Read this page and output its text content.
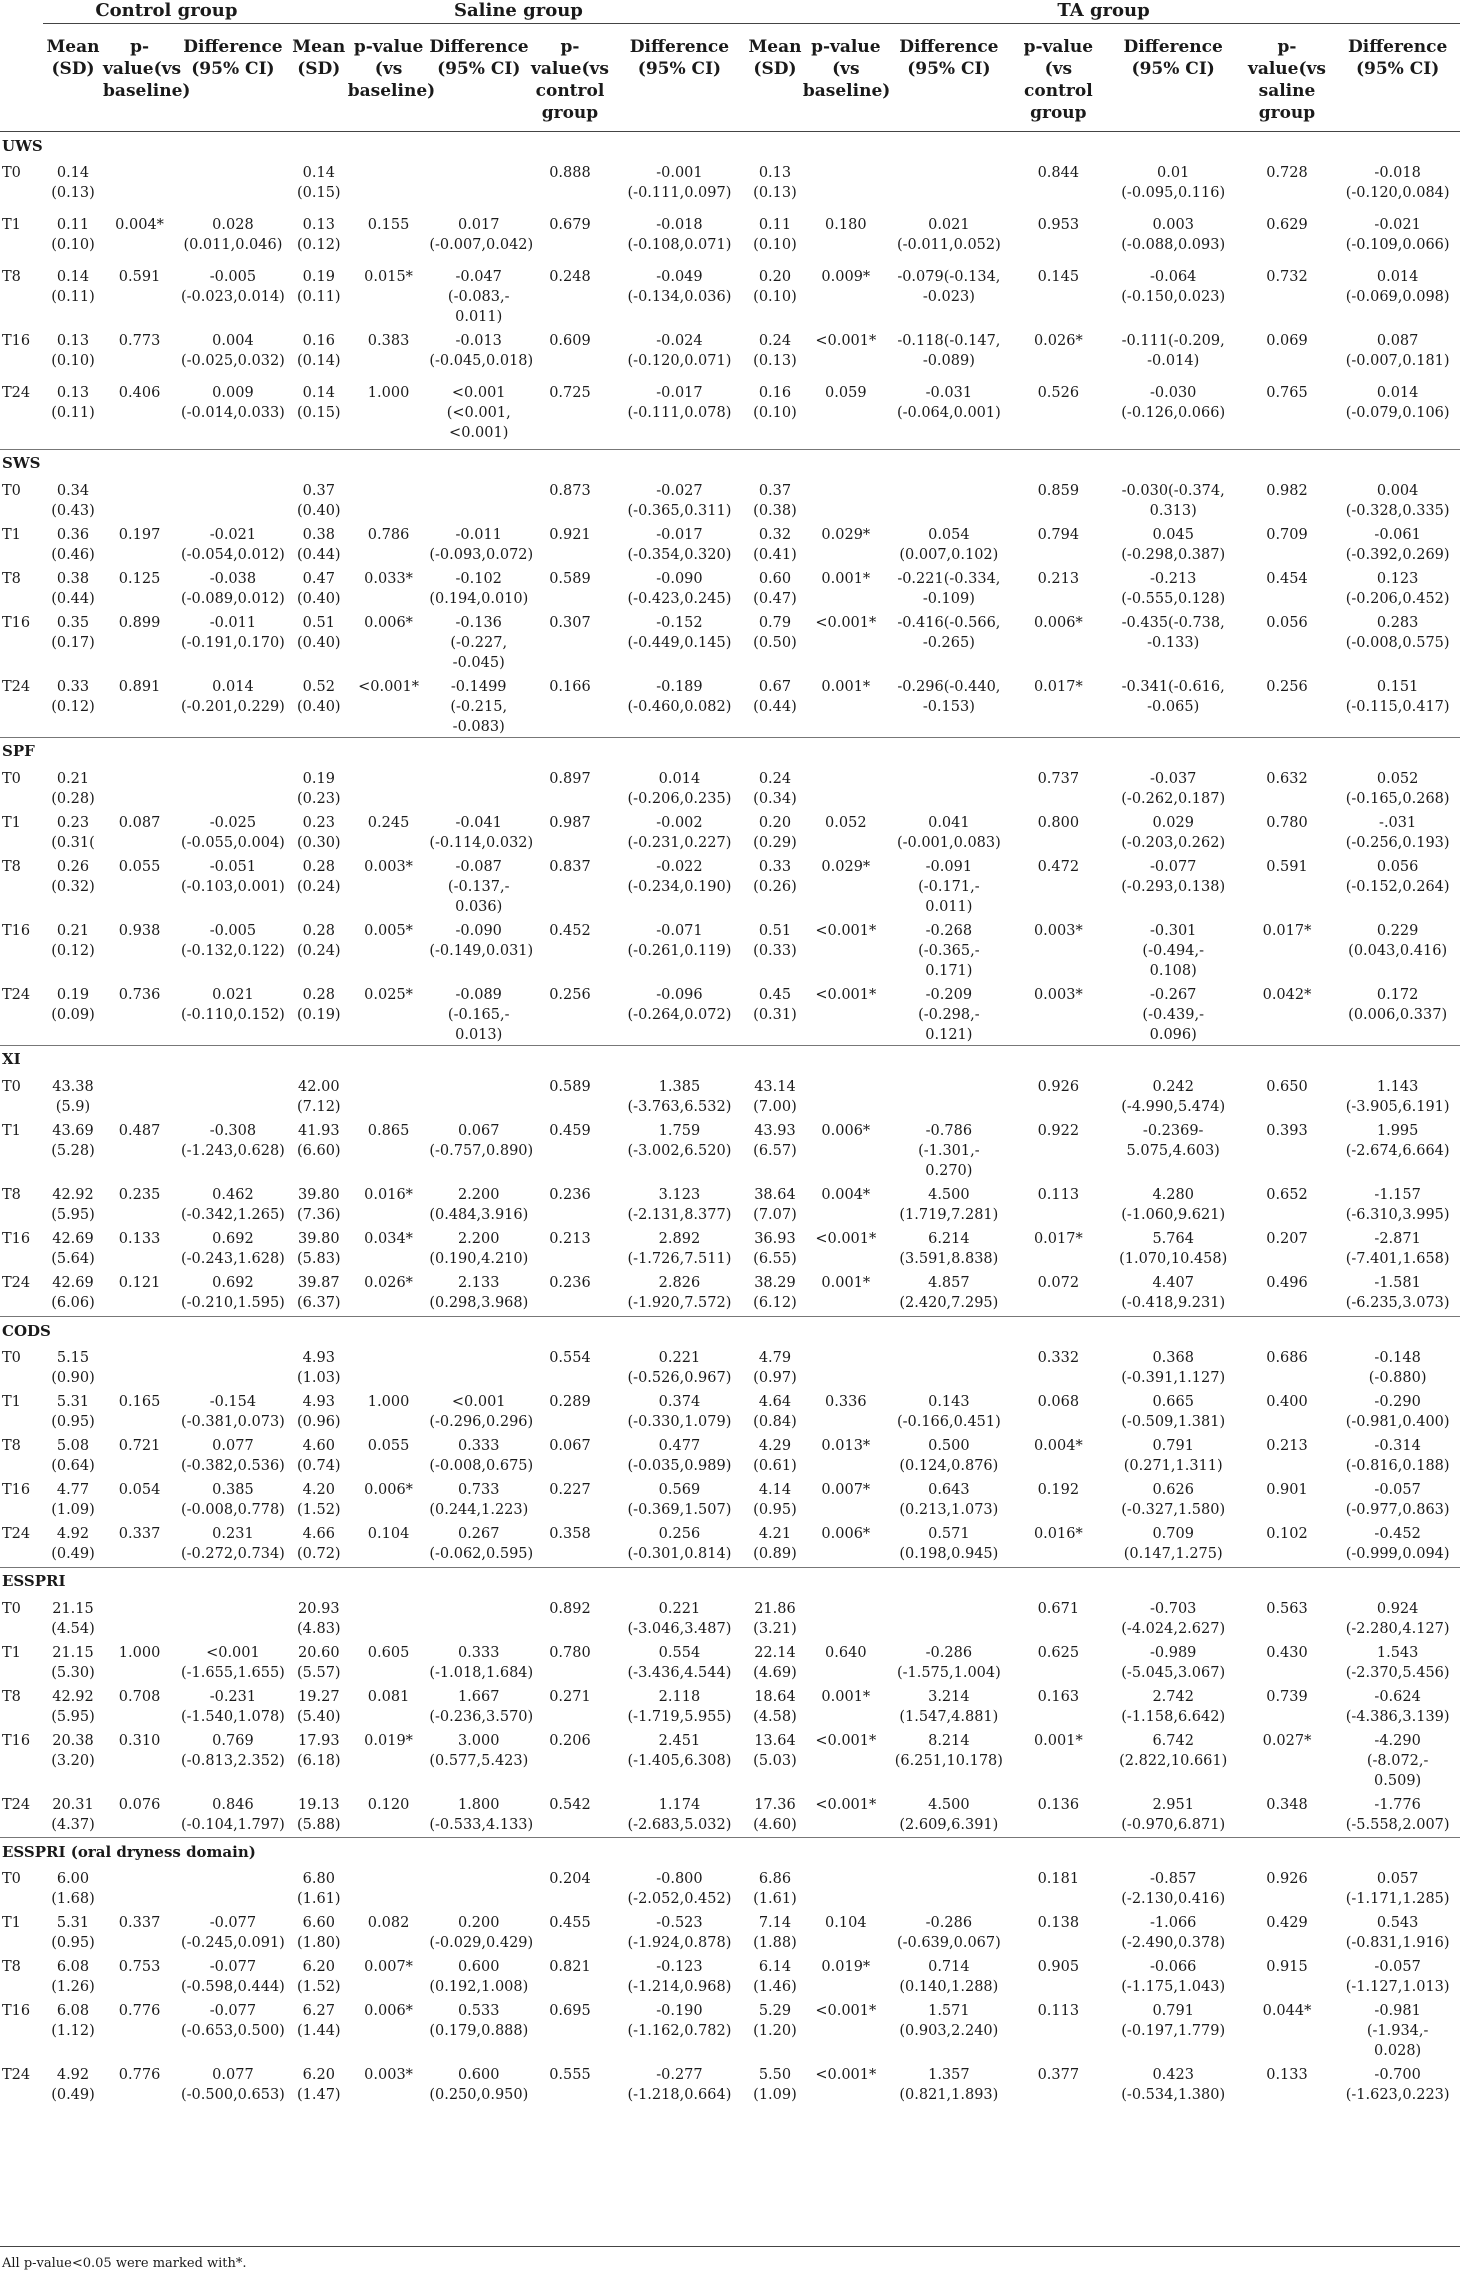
	Control group			Saline group					TA group						
	Mean (SD)	p-value(vs baseline)	Difference (95% CI)	Mean (SD)	p-value (vs baseline)	Difference (95% CI)	p-value(vs control group	Difference (95% CI)	Mean (SD)	p-value (vs baseline)	Difference (95% CI)	p-value (vs control group	Difference (95% CI)	p-value(vs saline group	Difference (95% CI)
UWS															
T0	0.14
(0.13)			0.14
(0.15)			0.888	-0.001
(-0.111,0.097)	0.13
(0.13)			0.844	0.01
(-0.095,0.116)	0.728	-0.018
(-0.120,0.084)
T1	0.11
(0.10)	0.004*	0.028
(0.011,0.046)	0.13
(0.12)	0.155	0.017
(-0.007,0.042)	0.679	-0.018
(-0.108,0.071)	0.11
(0.10)	0.180	0.021
(-0.011,0.052)	0.953	0.003
(-0.088,0.093)	0.629	-0.021
(-0.109,0.066)
T8	0.14
(0.11)	0.591	-0.005
(-0.023,0.014)	0.19
(0.11)	0.015*	-0.047
(-0.083,-
0.011)	0.248	-0.049
(-0.134,0.036)	0.20
(0.10)	0.009*	-0.079(-0.134,
-0.023)	0.145	-0.064
(-0.150,0.023)	0.732	0.014
(-0.069,0.098)
T16	0.13
(0.10)	0.773	0.004
(-0.025,0.032)	0.16
(0.14)	0.383	-0.013
(-0.045,0.018)	0.609	-0.024
(-0.120,0.071)	0.24
(0.13)	<0.001*	-0.118(-0.147,
-0.089)	0.026*	-0.111(-0.209,
-0.014)	0.069	0.087
(-0.007,0.181)
T24	0.13
(0.11)	0.406	0.009
(-0.014,0.033)	0.14
(0.15)	1.000	<0.001
(<0.001,
<0.001)	0.725	-0.017
(-0.111,0.078)	0.16
(0.10)	0.059	-0.031
(-0.064,0.001)	0.526	-0.030
(-0.126,0.066)	0.765	0.014
(-0.079,0.106)
SWS															
T0	0.34
(0.43)			0.37
(0.40)			0.873	-0.027
(-0.365,0.311)	0.37
(0.38)			0.859	-0.030(-0.374,
0.313)	0.982	0.004
(-0.328,0.335)
T1	0.36
(0.46)	0.197	-0.021
(-0.054,0.012)	0.38
(0.44)	0.786	-0.011
(-0.093,0.072)	0.921	-0.017
(-0.354,0.320)	0.32
(0.41)	0.029*	0.054
(0.007,0.102)	0.794	0.045
(-0.298,0.387)	0.709	-0.061
(-0.392,0.269)
T8	0.38
(0.44)	0.125	-0.038
(-0.089,0.012)	0.47
(0.40)	0.033*	-0.102
(0.194,0.010)	0.589	-0.090
(-0.423,0.245)	0.60
(0.47)	0.001*	-0.221(-0.334,
-0.109)	0.213	-0.213
(-0.555,0.128)	0.454	0.123
(-0.206,0.452)
T16	0.35
(0.17)	0.899	-0.011
(-0.191,0.170)	0.51
(0.40)	0.006*	-0.136
(-0.227,
-0.045)	0.307	-0.152
(-0.449,0.145)	0.79
(0.50)	<0.001*	-0.416(-0.566,
-0.265)	0.006*	-0.435(-0.738,
-0.133)	0.056	0.283
(-0.008,0.575)
T24	0.33
(0.12)	0.891	0.014
(-0.201,0.229)	0.52
(0.40)	<0.001*	-0.1499
(-0.215,
-0.083)	0.166	-0.189
(-0.460,0.082)	0.67
(0.44)	0.001*	-0.296(-0.440,
-0.153)	0.017*	-0.341(-0.616,
-0.065)	0.256	0.151
(-0.115,0.417)
SPF															
T0	0.21
(0.28)			0.19
(0.23)			0.897	0.014
(-0.206,0.235)	0.24
(0.34)			0.737	-0.037
(-0.262,0.187)	0.632	0.052
(-0.165,0.268)
T1	0.23
(0.31(	0.087	-0.025
(-0.055,0.004)	0.23
(0.30)	0.245	-0.041
(-0.114,0.032)	0.987	-0.002
(-0.231,0.227)	0.20
(0.29)	0.052	0.041
(-0.001,0.083)	0.800	0.029
(-0.203,0.262)	0.780	-.031
(-0.256,0.193)
T8	0.26
(0.32)	0.055	-0.051
(-0.103,0.001)	0.28
(0.24)	0.003*	-0.087
(-0.137,-
0.036)	0.837	-0.022
(-0.234,0.190)	0.33
(0.26)	0.029*	-0.091
(-0.171,-
0.011)	0.472	-0.077
(-0.293,0.138)	0.591	0.056
(-0.152,0.264)
T16	0.21
(0.12)	0.938	-0.005
(-0.132,0.122)	0.28
(0.24)	0.005*	-0.090
(-0.149,0.031)	0.452	-0.071
(-0.261,0.119)	0.51
(0.33)	<0.001*	-0.268
(-0.365,-
0.171)	0.003*	-0.301
(-0.494,-
0.108)	0.017*	0.229
(0.043,0.416)
T24	0.19
(0.09)	0.736	0.021
(-0.110,0.152)	0.28
(0.19)	0.025*	-0.089
(-0.165,-
0.013)	0.256	-0.096
(-0.264,0.072)	0.45
(0.31)	<0.001*	-0.209
(-0.298,-
0.121)	0.003*	-0.267
(-0.439,-
0.096)	0.042*	0.172
(0.006,0.337)
XI															
T0	43.38
(5.9)			42.00
(7.12)			0.589	1.385
(-3.763,6.532)	43.14
(7.00)			0.926	0.242
(-4.990,5.474)	0.650	1.143
(-3.905,6.191)
T1	43.69
(5.28)	0.487	-0.308
(-1.243,0.628)	41.93
(6.60)	0.865	0.067
(-0.757,0.890)	0.459	1.759
(-3.002,6.520)	43.93
(6.57)	0.006*	-0.786
(-1.301,-
0.270)	0.922	-0.2369-
5.075,4.603)	0.393	1.995
(-2.674,6.664)
T8	42.92
(5.95)	0.235	0.462
(-0.342,1.265)	39.80
(7.36)	0.016*	2.200
(0.484,3.916)	0.236	3.123
(-2.131,8.377)	38.64
(7.07)	0.004*	4.500
(1.719,7.281)	0.113	4.280
(-1.060,9.621)	0.652	-1.157
(-6.310,3.995)
T16	42.69
(5.64)	0.133	0.692
(-0.243,1.628)	39.80
(5.83)	0.034*	2.200
(0.190,4.210)	0.213	2.892
(-1.726,7.511)	36.93
(6.55)	<0.001*	6.214
(3.591,8.838)	0.017*	5.764
(1.070,10.458)	0.207	-2.871
(-7.401,1.658)
T24	42.69
(6.06)	0.121	0.692
(-0.210,1.595)	39.87
(6.37)	0.026*	2.133
(0.298,3.968)	0.236	2.826
(-1.920,7.572)	38.29
(6.12)	0.001*	4.857
(2.420,7.295)	0.072	4.407
(-0.418,9.231)	0.496	-1.581
(-6.235,3.073)
CODS															
T0	5.15
(0.90)			4.93
(1.03)			0.554	0.221
(-0.526,0.967)	4.79
(0.97)			0.332	0.368
(-0.391,1.127)	0.686	-0.148
(-0.880)
T1	5.31
(0.95)	0.165	-0.154
(-0.381,0.073)	4.93
(0.96)	1.000	<0.001
(-0.296,0.296)	0.289	0.374
(-0.330,1.079)	4.64
(0.84)	0.336	0.143
(-0.166,0.451)	0.068	0.665
(-0.509,1.381)	0.400	-0.290
(-0.981,0.400)
T8	5.08
(0.64)	0.721	0.077
(-0.382,0.536)	4.60
(0.74)	0.055	0.333
(-0.008,0.675)	0.067	0.477
(-0.035,0.989)	4.29
(0.61)	0.013*	0.500
(0.124,0.876)	0.004*	0.791
(0.271,1.311)	0.213	-0.314
(-0.816,0.188)
T16	4.77
(1.09)	0.054	0.385
(-0.008,0.778)	4.20
(1.52)	0.006*	0.733
(0.244,1.223)	0.227	0.569
(-0.369,1.507)	4.14
(0.95)	0.007*	0.643
(0.213,1.073)	0.192	0.626
(-0.327,1.580)	0.901	-0.057
(-0.977,0.863)
T24	4.92
(0.49)	0.337	0.231
(-0.272,0.734)	4.66
(0.72)	0.104	0.267
(-0.062,0.595)	0.358	0.256
(-0.301,0.814)	4.21
(0.89)	0.006*	0.571
(0.198,0.945)	0.016*	0.709
(0.147,1.275)	0.102	-0.452
(-0.999,0.094)
ESSPRI															
T0	21.15
(4.54)			20.93
(4.83)			0.892	0.221
(-3.046,3.487)	21.86
(3.21)			0.671	-0.703
(-4.024,2.627)	0.563	0.924
(-2.280,4.127)
T1	21.15
(5.30)	1.000	<0.001
(-1.655,1.655)	20.60
(5.57)	0.605	0.333
(-1.018,1.684)	0.780	0.554
(-3.436,4.544)	22.14
(4.69)	0.640	-0.286
(-1.575,1.004)	0.625	-0.989
(-5.045,3.067)	0.430	1.543
(-2.370,5.456)
T8	42.92
(5.95)	0.708	-0.231
(-1.540,1.078)	19.27
(5.40)	0.081	1.667
(-0.236,3.570)	0.271	2.118
(-1.719,5.955)	18.64
(4.58)	0.001*	3.214
(1.547,4.881)	0.163	2.742
(-1.158,6.642)	0.739	-0.624
(-4.386,3.139)
T16	20.38
(3.20)	0.310	0.769
(-0.813,2.352)	17.93
(6.18)	0.019*	3.000
(0.577,5.423)	0.206	2.451
(-1.405,6.308)	13.64
(5.03)	<0.001*	8.214
(6.251,10.178)	0.001*	6.742
(2.822,10.661)	0.027*	-4.290
(-8.072,-
0.509)
T24	20.31
(4.37)	0.076	0.846
(-0.104,1.797)	19.13
(5.88)	0.120	1.800
(-0.533,4.133)	0.542	1.174
(-2.683,5.032)	17.36
(4.60)	<0.001*	4.500
(2.609,6.391)	0.136	2.951
(-0.970,6.871)	0.348	-1.776
(-5.558,2.007)
ESSPRI (oral dryness domain)															
T0	6.00
(1.68)			6.80
(1.61)			0.204	-0.800
(-2.052,0.452)	6.86
(1.61)			0.181	-0.857
(-2.130,0.416)	0.926	0.057
(-1.171,1.285)
T1	5.31
(0.95)	0.337	-0.077
(-0.245,0.091)	6.60
(1.80)	0.082	0.200
(-0.029,0.429)	0.455	-0.523
(-1.924,0.878)	7.14
(1.88)	0.104	-0.286
(-0.639,0.067)	0.138	-1.066
(-2.490,0.378)	0.429	0.543
(-0.831,1.916)
T8	6.08
(1.26)	0.753	-0.077
(-0.598,0.444)	6.20
(1.52)	0.007*	0.600
(0.192,1.008)	0.821	-0.123
(-1.214,0.968)	6.14
(1.46)	0.019*	0.714
(0.140,1.288)	0.905	-0.066
(-1.175,1.043)	0.915	-0.057
(-1.127,1.013)
T16	6.08
(1.12)	0.776	-0.077
(-0.653,0.500)	6.27
(1.44)	0.006*	0.533
(0.179,0.888)	0.695	-0.190
(-1.162,0.782)	5.29
(1.20)	<0.001*	1.571
(0.903,2.240)	0.113	0.791
(-0.197,1.779)	0.044*	-0.981
(-1.934,-
0.028)
T24	4.92
(0.49)	0.776	0.077
(-0.500,0.653)	6.20
(1.47)	0.003*	0.600
(0.250,0.950)	0.555	-0.277
(-1.218,0.664)	5.50
(1.09)	<0.001*	1.357
(0.821,1.893)	0.377	0.423
(-0.534,1.380)	0.133	-0.700
(-1.623,0.223)
All p-value<0.05 were marked with*.
